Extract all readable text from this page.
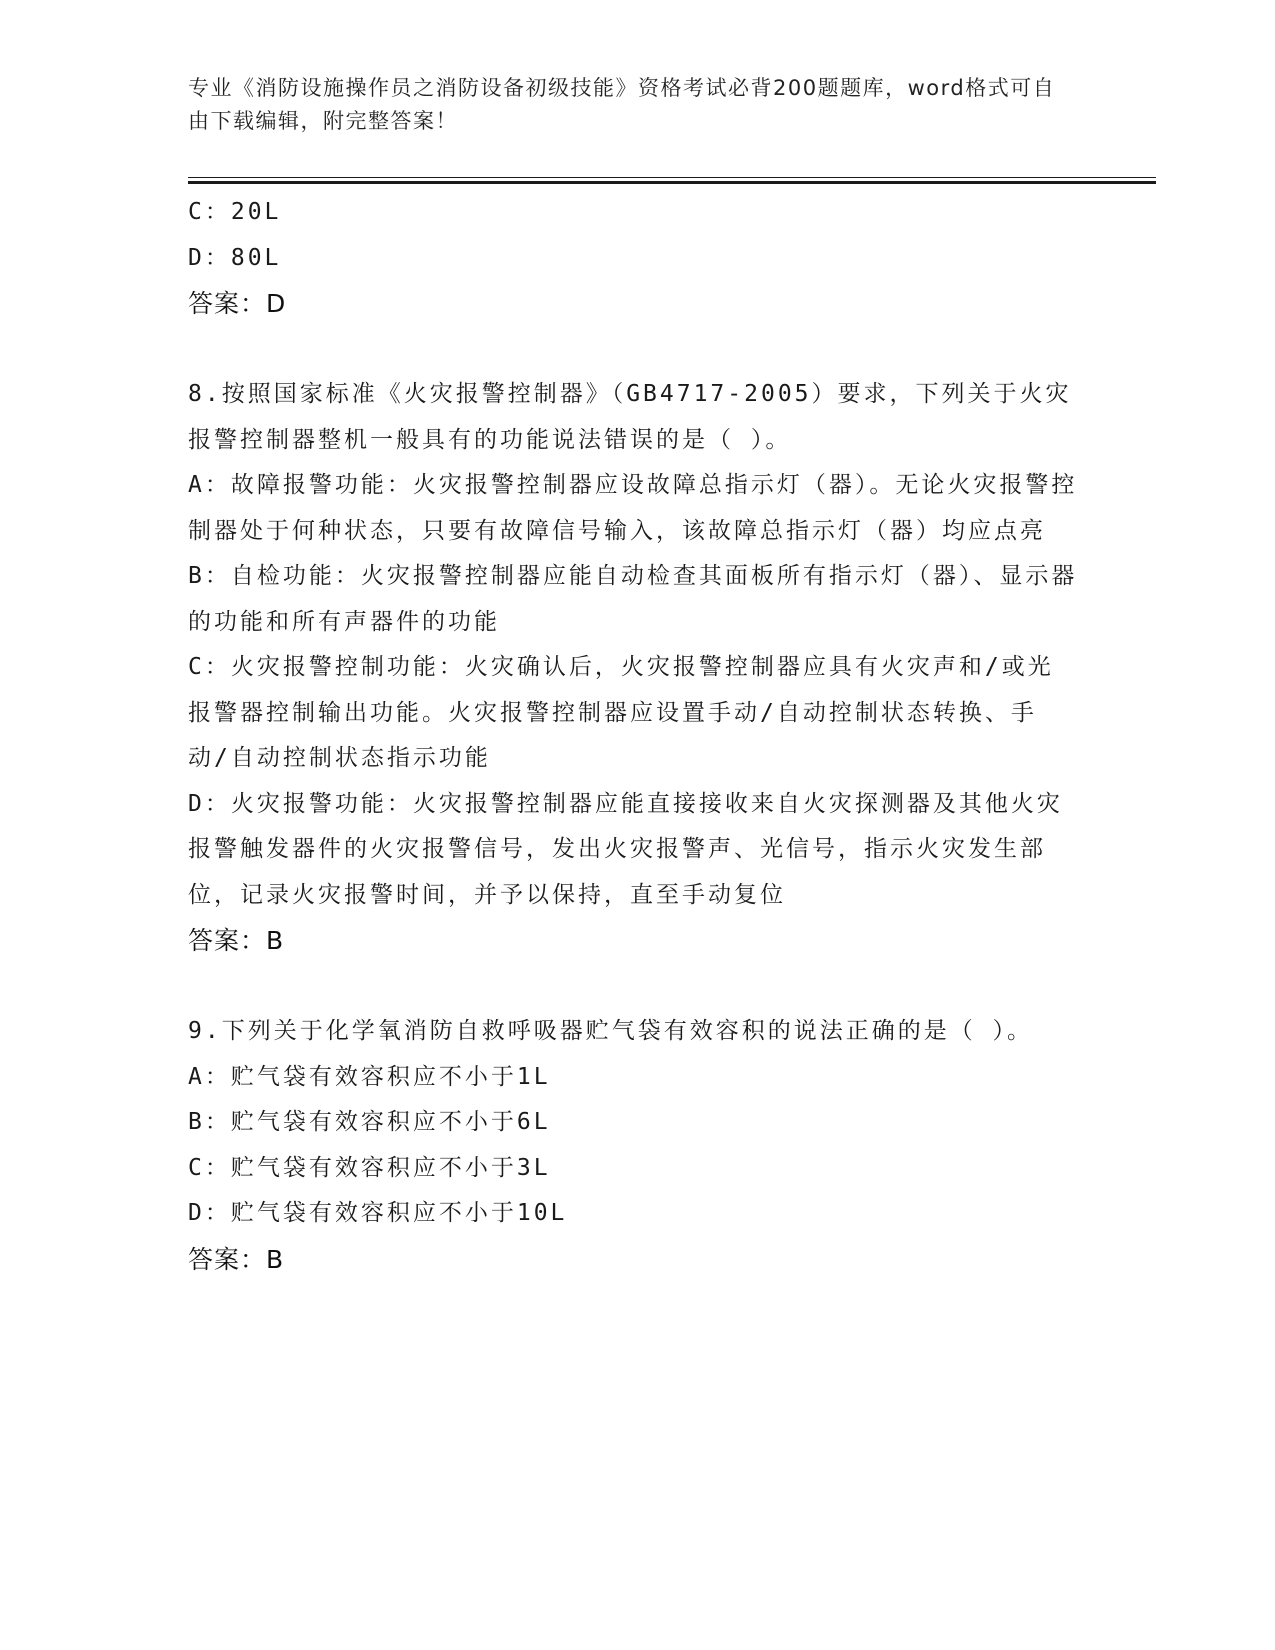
专业《消防设施操作员之消防设备初级技能》资格考试必背200题题库，word格式可自由下载编辑，附完整答案！
C：20L
D：80L
答案：D
8.按照国家标准《火灾报警控制器》（GB4717-2005）要求，下列关于火灾报警控制器整机一般具有的功能说法错误的是（ ）。
A：故障报警功能：火灾报警控制器应设故障总指示灯（器）。无论火灾报警控制器处于何种状态，只要有故障信号输入，该故障总指示灯（器）均应点亮
B：自检功能：火灾报警控制器应能自动检查其面板所有指示灯（器）、显示器的功能和所有声器件的功能
C：火灾报警控制功能：火灾确认后，火灾报警控制器应具有火灾声和/或光报警器控制输出功能。火灾报警控制器应设置手动/自动控制状态转换、手动/自动控制状态指示功能
D：火灾报警功能：火灾报警控制器应能直接接收来自火灾探测器及其他火灾报警触发器件的火灾报警信号，发出火灾报警声、光信号，指示火灾发生部位，记录火灾报警时间，并予以保持，直至手动复位
答案：B
9.下列关于化学氧消防自救呼吸器贮气袋有效容积的说法正确的是（ ）。
A：贮气袋有效容积应不小于1L
B：贮气袋有效容积应不小于6L
C：贮气袋有效容积应不小于3L
D：贮气袋有效容积应不小于10L
答案：B
